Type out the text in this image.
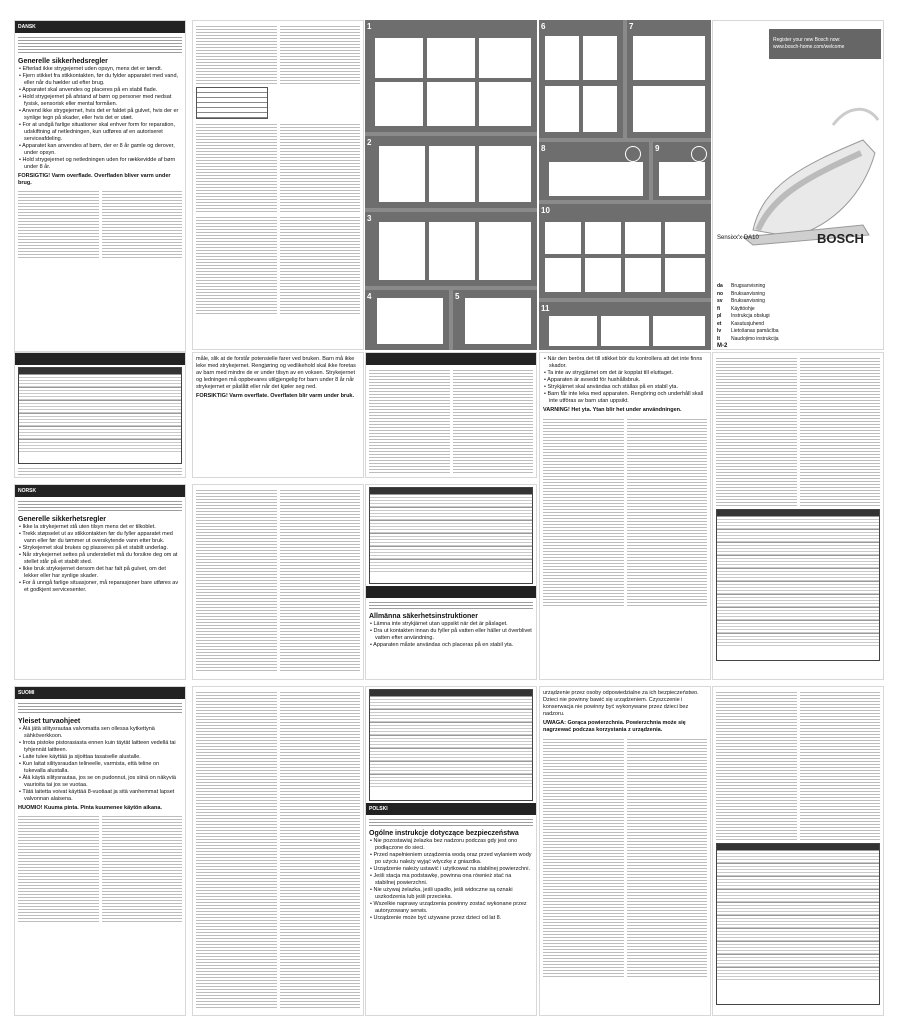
DANSK
Generelle sikkerhedsregler
• Efterlad ikke strygejernet uden opsyn, mens det er tændt.
• Fjern stikket fra stikkontakten, før du fylder apparatet med vand, eller når du hælder ud efter brug.
• Apparatet skal anvendes og placeres på en stabil flade.
• Hold strygejernet på afstand af børn og personer med nedsat fysisk, sensorisk eller mental formåen.
• Anvend ikke strygejernet, hvis det er faldet på gulvet, hvis der er synlige tegn på skader, eller hvis det er utæt.
• For at undgå farlige situationer skal enhver form for reparation, udskiftning af netledningen, kun udføres af en autoriseret serviceafdeling.
• Apparatet kan anvendes af børn, der er 8 år gamle og derover, under opsyn.
• Hold strygejernet og netledningen uden for rækkevidde af børn under 8 år.
FORSIGTIG! Varm overflade. Overfladen bliver varm under brug.
NORSK
Generelle sikkerhetsregler
• Ikke la strykejernet stå uten tilsyn mens det er tilkoblet.
• Trekk støpselet ut av stikkontakten før du fyller apparatet med vann eller før du tømmer ut overskytende vann etter bruk.
• Strykejernet skal brukes og plasseres på et stabilt underlag.
• Når strykejernet settes på understellet må du forsikre deg om at stellet står på et stabilt sted.
• Ikke bruk strykejernet dersom det har falt på gulvet, om det lekker eller har synlige skader.
• For å unngå farlige situasjoner, må reparasjoner bare utføres av et godkjent servicesenter.
SUOMI
Yleiset turvaohjeet
• Älä jätä silitysrautaa valvomatta sen ollessa kytkettynä sähköverkkoon.
• Irrota pistoke pistorasiasta ennen kuin täytät laitteen vedellä tai tyhjennät laitteen.
• Laite tulee käyttää ja sijoittaa tasaiselle alustalle.
• Kun laitat silitysraudan telineelle, varmista, että teline on tukevalla alustalla.
• Älä käytä silitysrautaa, jos se on pudonnut, jos siinä on näkyviä vaurioita tai jos se vuotaa.
• Tätä laitetta voivat käyttää 8-vuotiaat ja sitä vanhemmat lapset valvonnan alaisena.
HUOMIO! Kuuma pinta. Pinta kuumenee käytön aikana.
måle, slik at de forstår potensielle farer ved bruken. Barn må ikke leke med strykejernet. Rengjøring og vedlikehold skal ikke foretas av barn med mindre de er under tilsyn av en voksen. Strykejernet og ledningen må oppbevares utilgjengelig for barn under 8 år når strykejernet er påslått eller når det kjøler seg ned.
FORSIKTIG! Varm overflate. Overflaten blir varm under bruk.
1
2
3
4	5
Allmänna säkerhetsinstruktioner
• Lämna inte strykjärnet utan uppsikt när det är påslaget.
• Dra ut kontakten innan du fyller på vatten eller häller ut överblivet vatten efter användning.
• Apparaten måste användas och placeras på en stabil yta.
POLSKI
Ogólne instrukcje dotyczące bezpieczeństwa
• Nie pozostawiaj żelazka bez nadzoru podczas gdy jest ono podłączone do sieci.
• Przed napełnieniem urządzenia wodą oraz przed wylaniem wody po użyciu należy wyjąć wtyczkę z gniazdka.
• Urządzenie należy ustawić i użytkować na stabilnej powierzchni.
• Jeśli stacja ma podstawkę, powinna ona również stać na stabilnej powierzchni.
• Nie używaj żelazka, jeśli upadło, jeśli widoczne są oznaki uszkodzenia lub jeśli przecieka.
• Wszelkie naprawy urządzenia powinny zostać wykonane przez autoryzowany serwis.
• Urządzenie może być używane przez dzieci od lat 8.
6	7
8	9
10
11
• När den beröra det till stikket bör du kontrollera att det inte finns skador.
• Ta inte av strygjärnet om det är kopplat till eluttaget.
• Apparaten är avsedd för hushållsbruk.
• Strykjärnet skal användas och ställas på en stabil yta.
• Barn får inte leka med apparaten. Rengöring och underhåll skall inte utföras av barn utan uppsikt.
VARNING! Het yta. Ytan blir het under användningen.
urządzenie przez osoby odpowiedzialne za ich bezpieczeństwo. Dzieci nie powinny bawić się urządzeniem. Czyszczenie i konserwacja nie powinny być wykonywane przez dzieci bez nadzoru.
UWAGA: Gorąca powierzchnia. Powierzchnia może się nagrzewać podczas korzystania z urządzenia.
Register your new Bosch now:
www.bosch-home.com/welcome
Sensixx'x DA10	BOSCH
da Brugsanvisning
no Bruksanvisning
sv Bruksanvisning
fi Käyttöohje
pl Instrukcja obsługi
et Kasutusjuhend
lv Lietošanas pamācība
lt Naudojimo instrukcija
M-2
